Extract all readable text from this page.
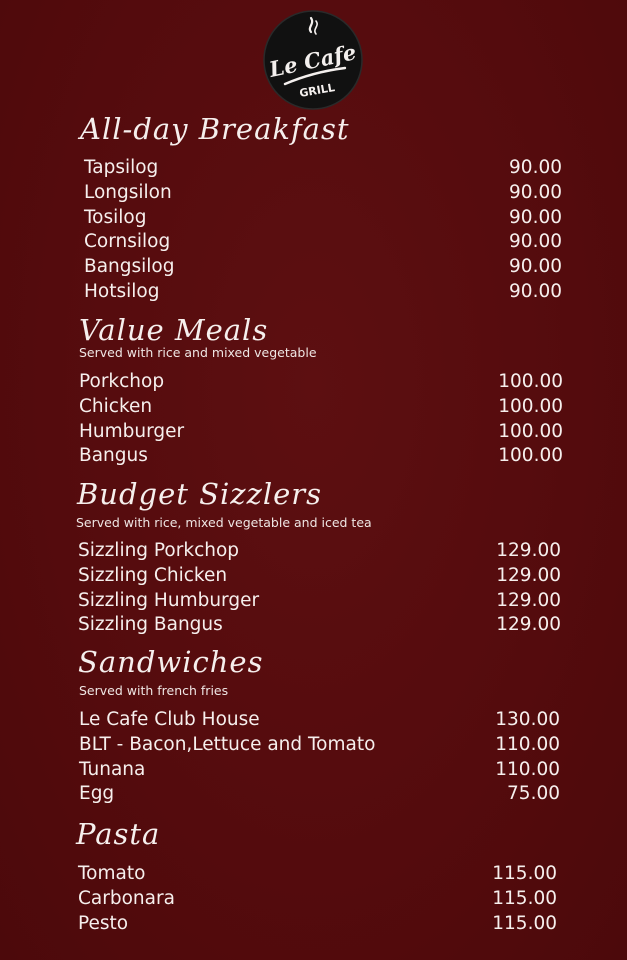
Le Cafe
GRILL
All-day Breakfast
Tapsilog	90.00
Longsilon	90.00
Tosilog	90.00
Cornsilog	90.00
Bangsilog	90.00
Hotsilog	90.00
Value Meals
Served with rice and mixed vegetable
Porkchop	100.00
Chicken	100.00
Humburger	100.00
Bangus	100.00
Budget Sizzlers
Served with rice, mixed vegetable and iced tea
Sizzling Porkchop	129.00
Sizzling Chicken	129.00
Sizzling Humburger	129.00
Sizzling Bangus	129.00
Sandwiches
Served with french fries
Le Cafe Club House	130.00
BLT - Bacon,Lettuce and Tomato	110.00
Tunana	110.00
Egg	75.00
Pasta
Tomato	115.00
Carbonara	115.00
Pesto	115.00
